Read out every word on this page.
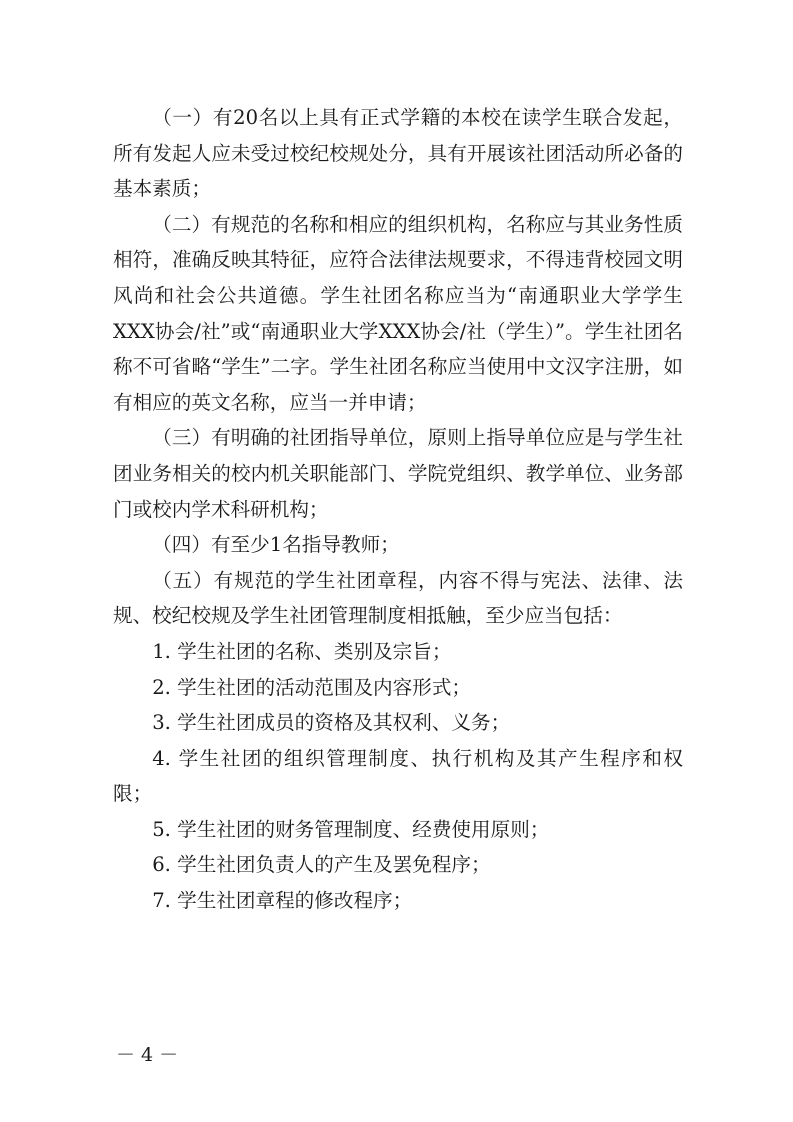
（一）有20名以上具有正式学籍的本校在读学生联合发起，所有发起人应未受过校纪校规处分，具有开展该社团活动所必备的基本素质；

（二）有规范的名称和相应的组织机构，名称应与其业务性质相符，准确反映其特征，应符合法律法规要求，不得违背校园文明风尚和社会公共道德。学生社团名称应当为“南通职业大学学生XXX协会/社”或“南通职业大学XXX协会/社（学生）”。学生社团名称不可省略“学生”二字。学生社团名称应当使用中文汉字注册，如有相应的英文名称，应当一并申请；

（三）有明确的社团指导单位，原则上指导单位应是与学生社团业务相关的校内机关职能部门、学院党组织、教学单位、业务部门或校内学术科研机构；

（四）有至少1名指导教师；

（五）有规范的学生社团章程，内容不得与宪法、法律、法规、校纪校规及学生社团管理制度相抵触，至少应当包括：

1. 学生社团的名称、类别及宗旨；

2. 学生社团的活动范围及内容形式；

3. 学生社团成员的资格及其权利、义务；

4. 学生社团的组织管理制度、执行机构及其产生程序和权限；

5. 学生社团的财务管理制度、经费使用原则；

6. 学生社团负责人的产生及罢免程序；

7. 学生社团章程的修改程序；

－ 4 －
